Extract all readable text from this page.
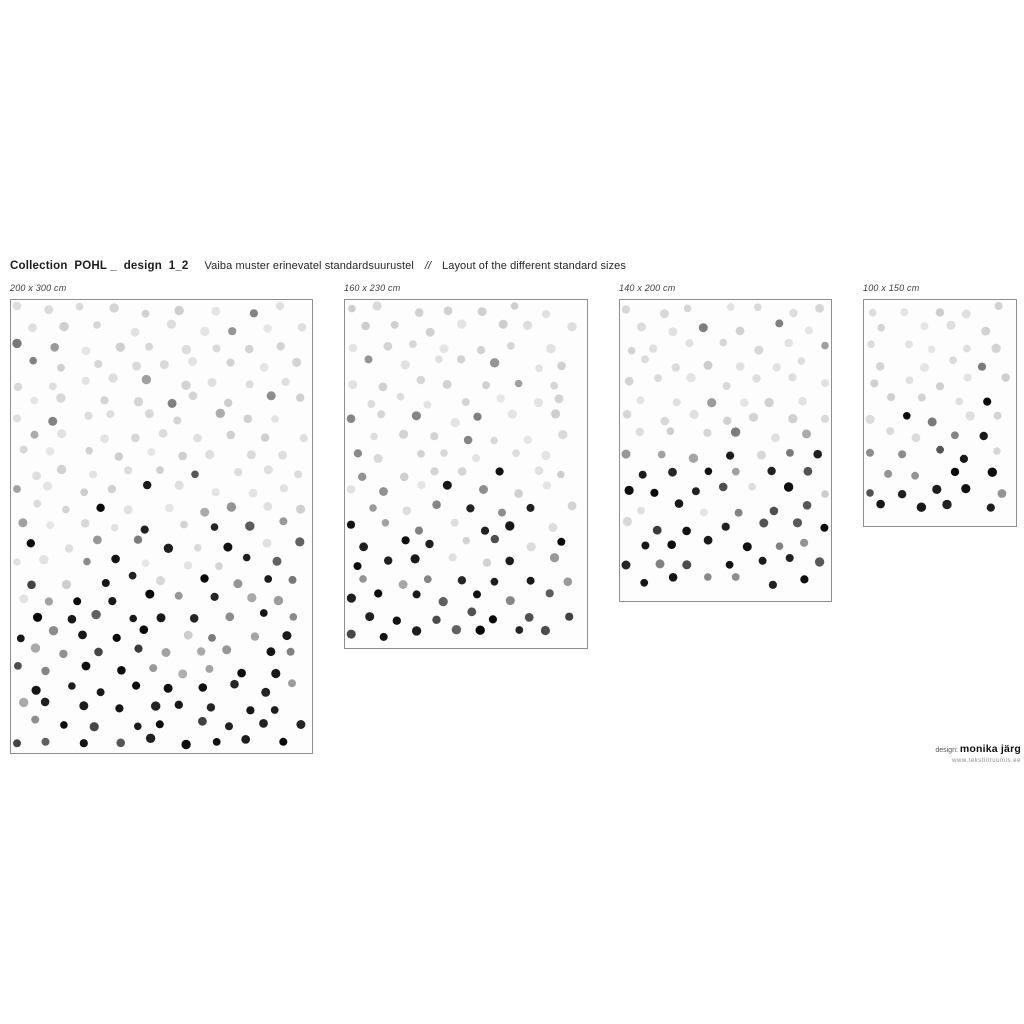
Collection  POHL _  design  1_2 Vaiba muster erinevatel standardsuurustel // Layout of the different standard sizes
200 x 300 cm	160 x 230 cm	140 x 200 cm	100 x 150 cm
design: monika järg
www.tekstiilruumis.ee
